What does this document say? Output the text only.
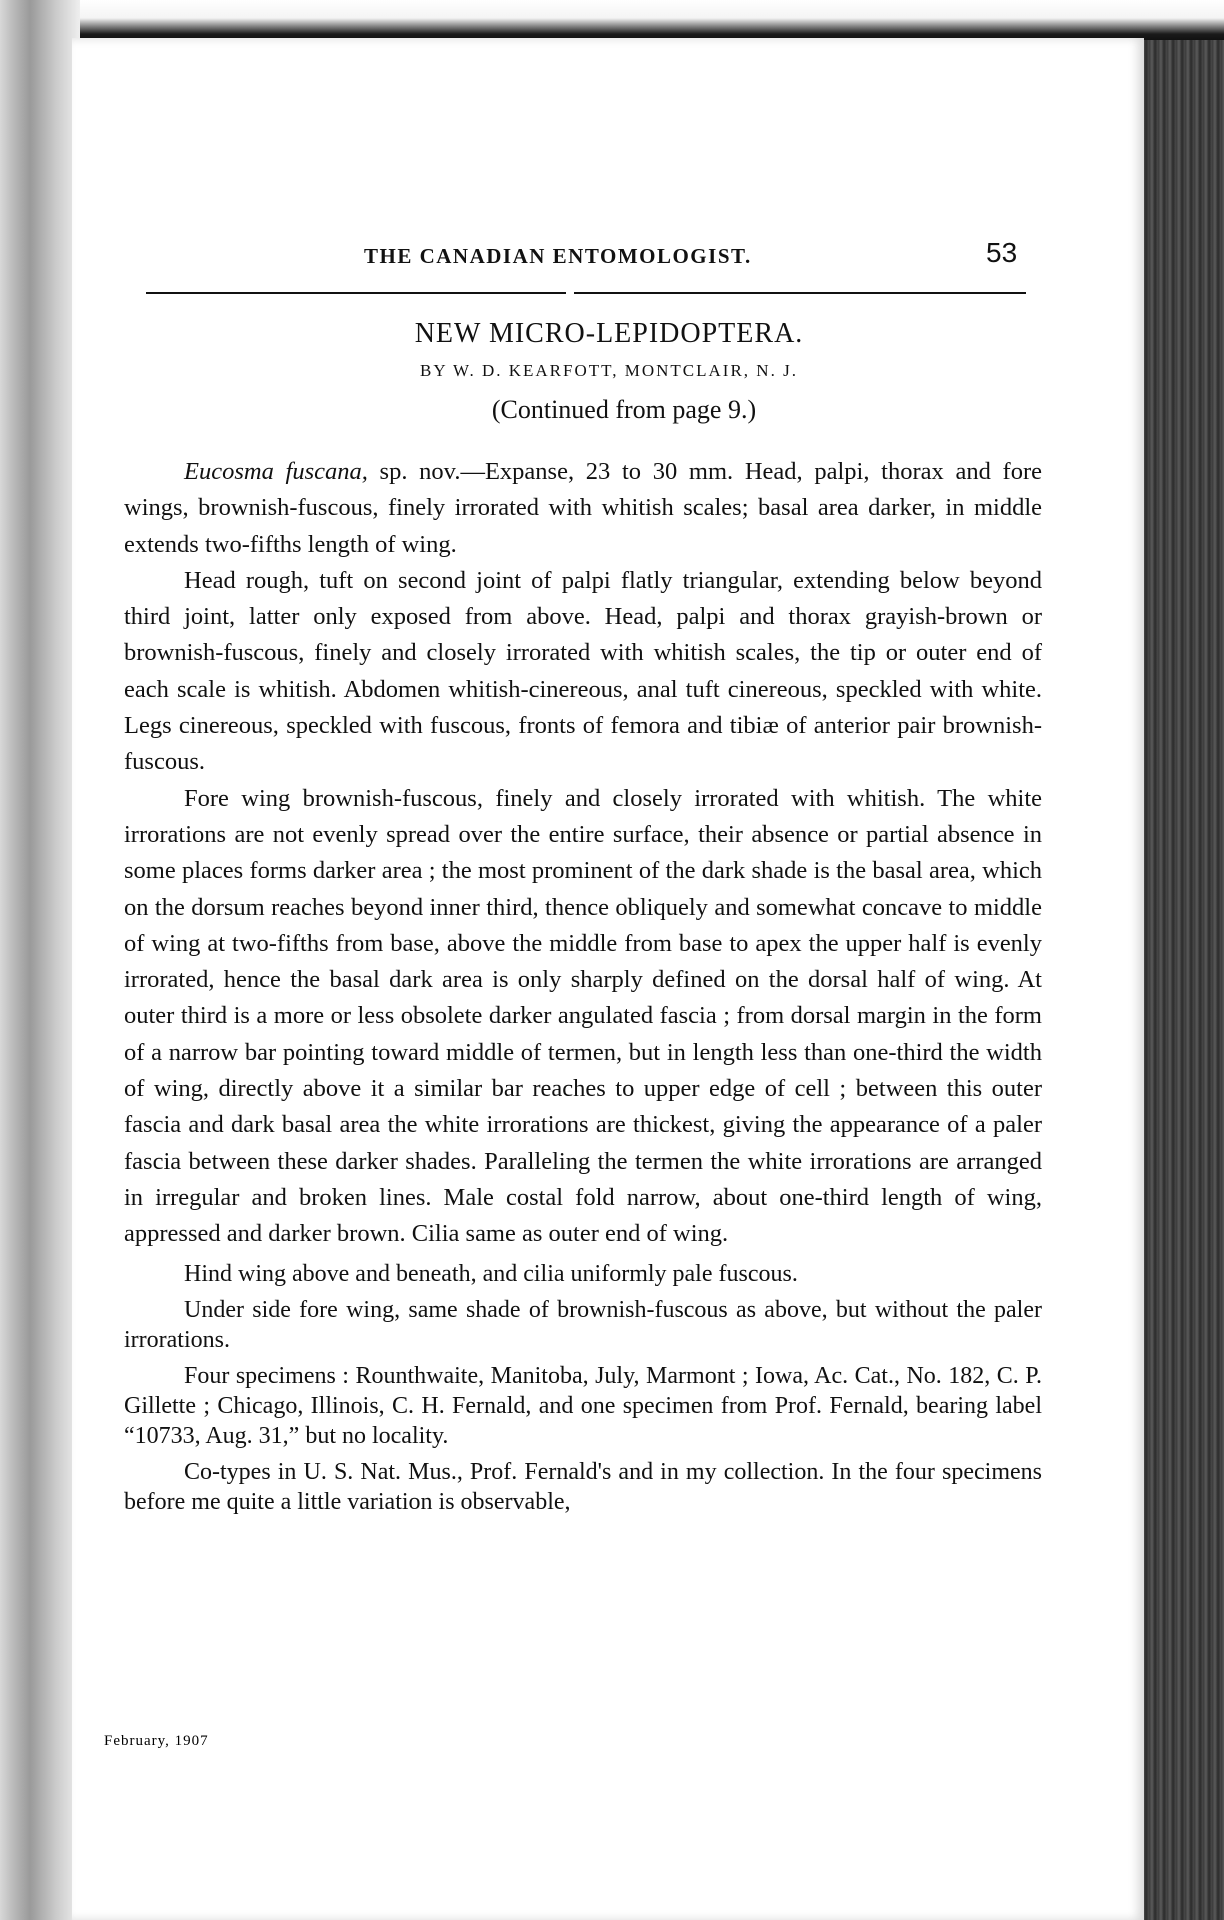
THE CANADIAN ENTOMOLOGIST.	53
NEW MICRO-LEPIDOPTERA.
BY W. D. KEARFOTT, MONTCLAIR, N. J.
(Continued from page 9.)

Eucosma fuscana, sp. nov.—Expanse, 23 to 30 mm. Head, palpi, thorax and fore wings, brownish-fuscous, finely irrorated with whitish scales; basal area darker, in middle extends two-fifths length of wing.

Head rough, tuft on second joint of palpi flatly triangular, extending below beyond third joint, latter only exposed from above. Head, palpi and thorax grayish-brown or brownish-fuscous, finely and closely irrorated with whitish scales, the tip or outer end of each scale is whitish. Abdomen whitish-cinereous, anal tuft cinereous, speckled with white. Legs cinereous, speckled with fuscous, fronts of femora and tibiæ of anterior pair brownish-fuscous.

Fore wing brownish-fuscous, finely and closely irrorated with whitish. The white irrorations are not evenly spread over the entire surface, their absence or partial absence in some places forms darker area ; the most prominent of the dark shade is the basal area, which on the dorsum reaches beyond inner third, thence obliquely and somewhat concave to middle of wing at two-fifths from base, above the middle from base to apex the upper half is evenly irrorated, hence the basal dark area is only sharply defined on the dorsal half of wing. At outer third is a more or less obsolete darker angulated fascia ; from dorsal margin in the form of a narrow bar pointing toward middle of termen, but in length less than one-third the width of wing, directly above it a similar bar reaches to upper edge of cell ; between this outer fascia and dark basal area the white irrorations are thickest, giving the appearance of a paler fascia between these darker shades. Paralleling the termen the white irrorations are arranged in irregular and broken lines. Male costal fold narrow, about one-third length of wing, appressed and darker brown. Cilia same as outer end of wing.

Hind wing above and beneath, and cilia uniformly pale fuscous.

Under side fore wing, same shade of brownish-fuscous as above, but without the paler irrorations.

Four specimens : Rounthwaite, Manitoba, July, Marmont ; Iowa, Ac. Cat., No. 182, C. P. Gillette ; Chicago, Illinois, C. H. Fernald, and one specimen from Prof. Fernald, bearing label “10733, Aug. 31,” but no locality.

Co-types in U. S. Nat. Mus., Prof. Fernald's and in my collection. In the four specimens before me quite a little variation is observable,

February, 1907
